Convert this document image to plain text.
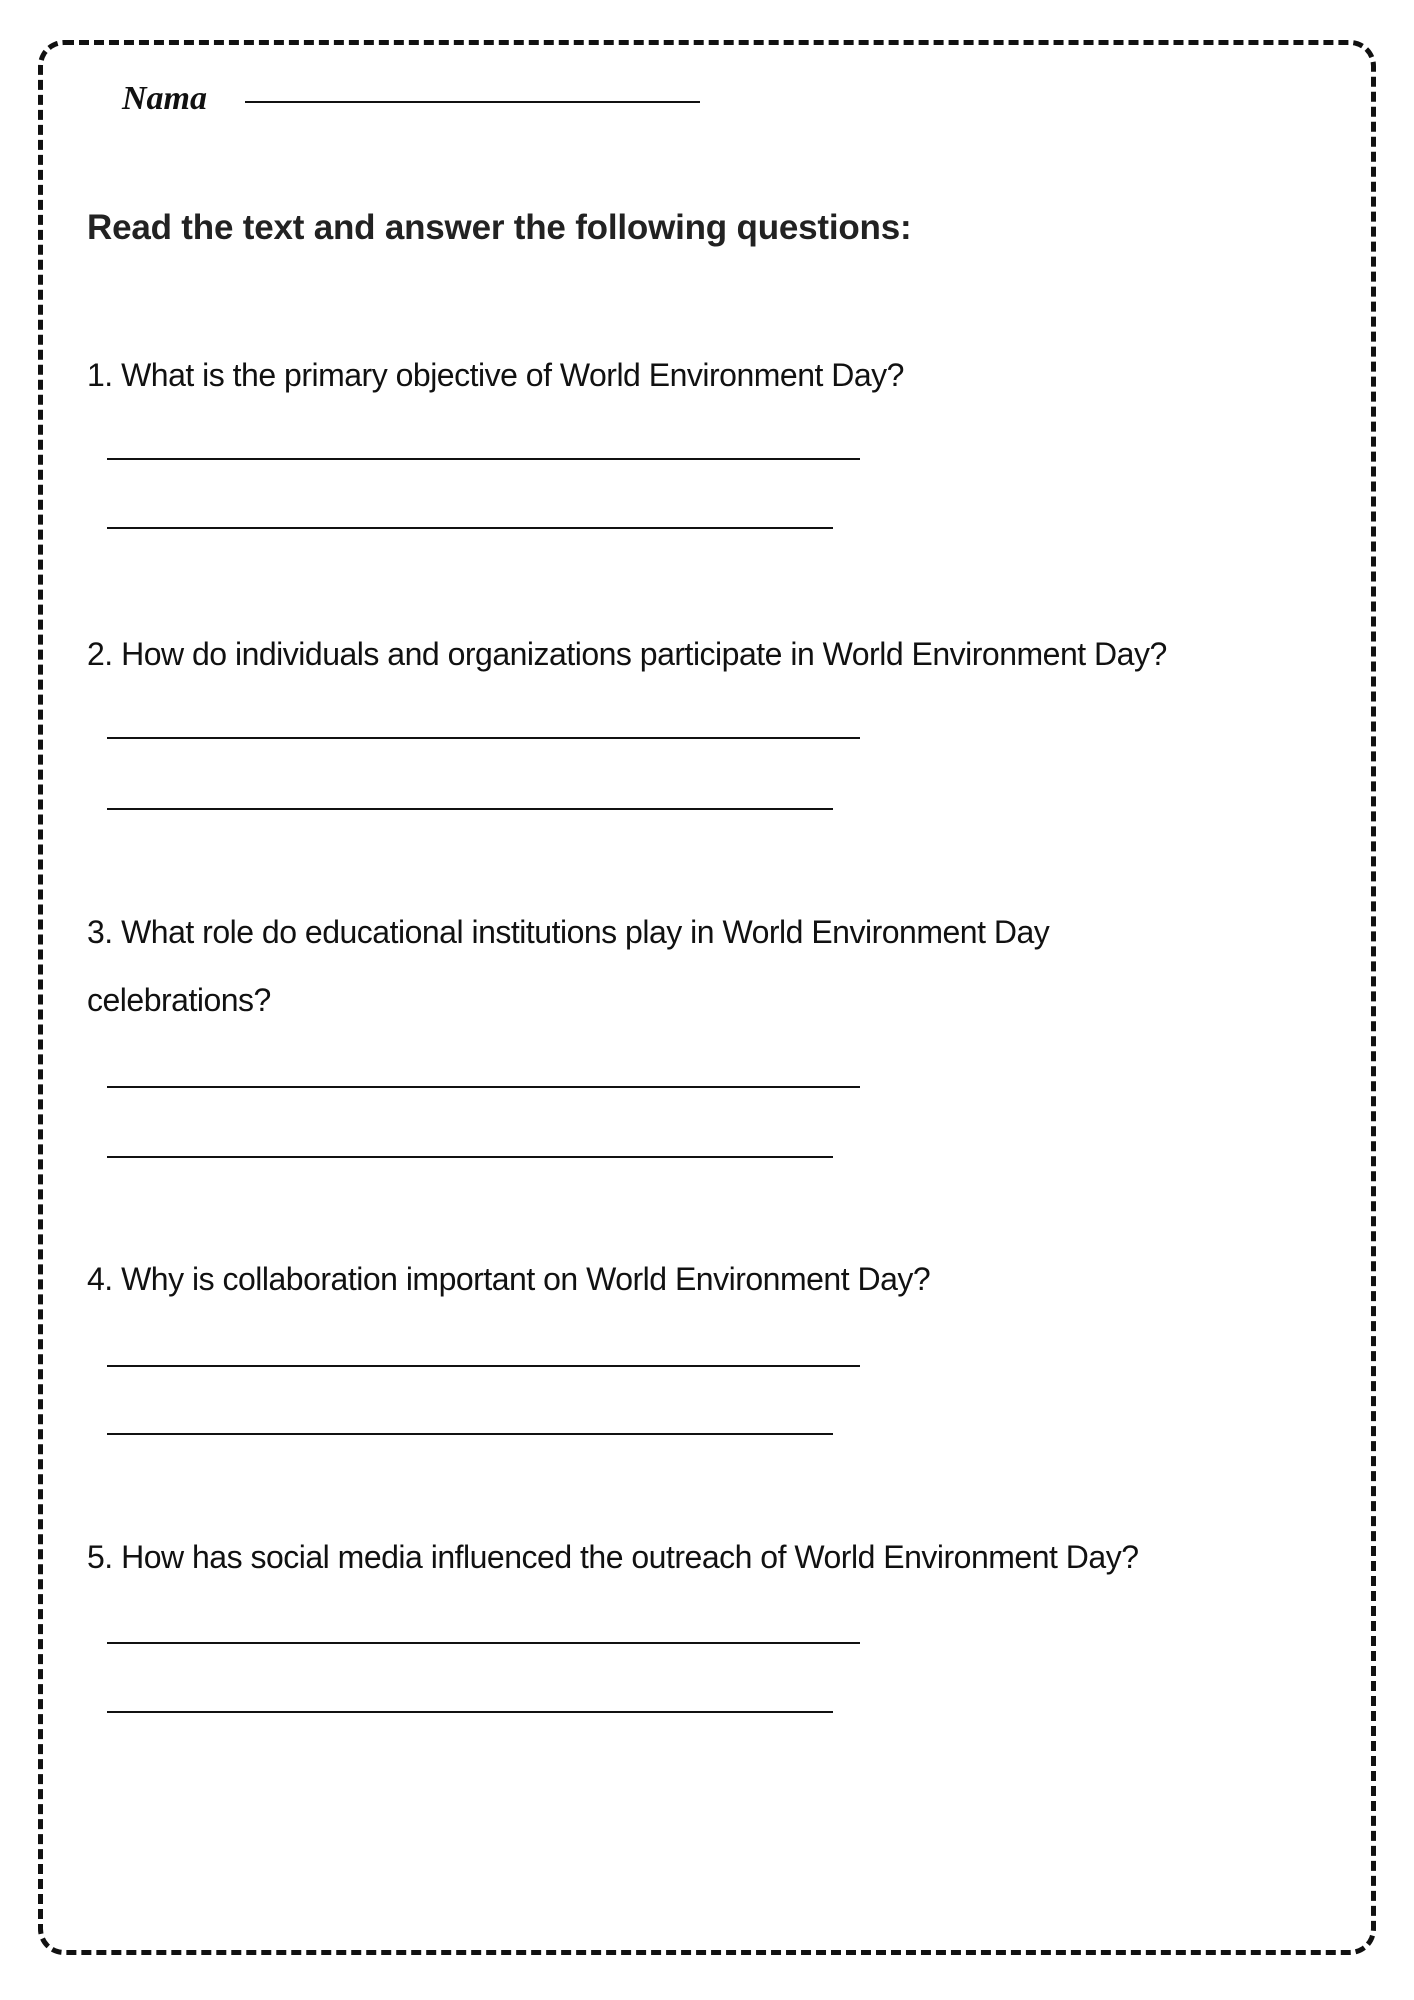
Nama
Read the text and answer the following questions:
1. What is the primary objective of World Environment Day?
2. How do individuals and organizations participate in World Environment Day?
3. What role do educational institutions play in World Environment Day
celebrations?
4. Why is collaboration important on World Environment Day?
5. How has social media influenced the outreach of World Environment Day?
